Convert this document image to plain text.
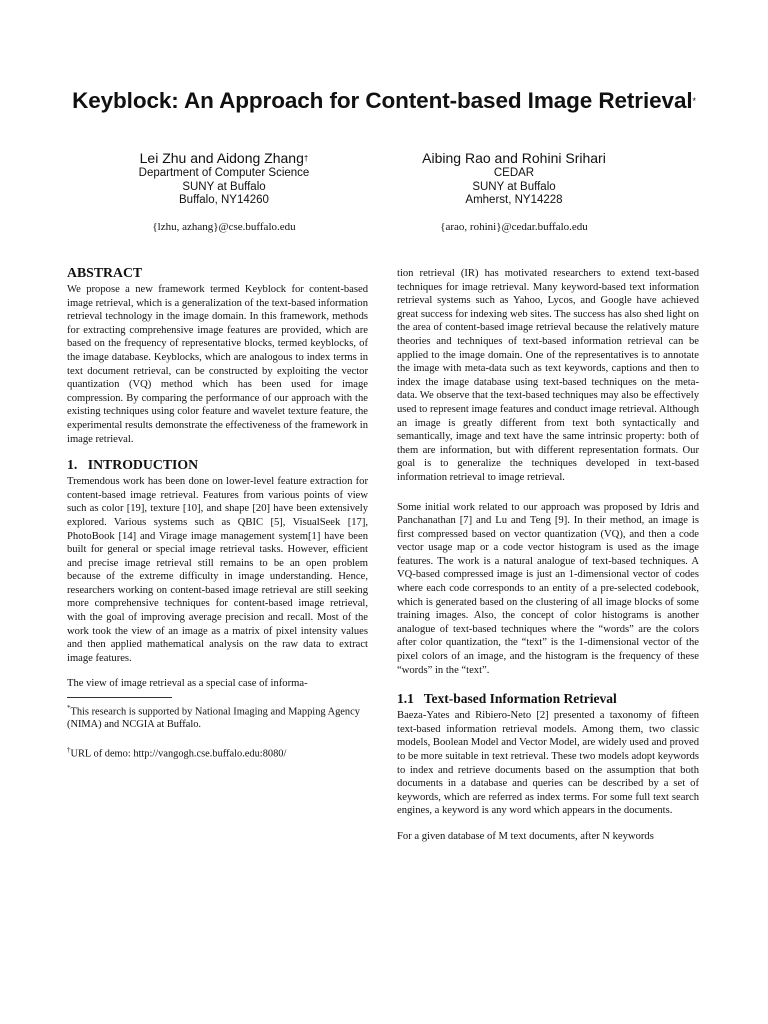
Keyblock: An Approach for Content-based Image Retrieval*
Lei Zhu and Aidong Zhang†
Department of Computer Science
SUNY at Buffalo
Buffalo, NY14260
{lzhu, azhang}@cse.buffalo.edu
Aibing Rao and Rohini Srihari
CEDAR
SUNY at Buffalo
Amherst, NY14228
{arao, rohini}@cedar.buffalo.edu
ABSTRACT

We propose a new framework termed Keyblock for content-based image retrieval, which is a generalization of the text-based information retrieval technology in the image domain. In this framework, methods for extracting comprehensive image features are provided, which are based on the frequency of representative blocks, termed keyblocks, of the image database. Keyblocks, which are analogous to index terms in text document retrieval, can be constructed by exploiting the vector quantization (VQ) method which has been used for image compression. By comparing the performance of our approach with the existing techniques using color feature and wavelet texture feature, the experimental results demonstrate the effectiveness of the framework in image retrieval.

1.   INTRODUCTION

Tremendous work has been done on lower-level feature extraction for content-based image retrieval. Features from various points of view such as color [19], texture [10], and shape [20] have been extensively explored. Various systems such as QBIC [5], VisualSeek [17], PhotoBook [14] and Virage image management system[1] have been built for general or special image retrieval tasks. However, efficient and precise image retrieval still remains to be an open problem because of the extreme difficulty in image understanding. Hence, researchers working on content-based image retrieval are still seeking more comprehensive techniques for content-based image retrieval, with the goal of improving average precision and recall. Most of the work took the view of an image as a matrix of pixel intensity values and then applied mathematical analysis on the raw data to extract image features.

The view of image retrieval as a special case of informa-

*This research is supported by National Imaging and Mapping Agency (NIMA) and NCGIA at Buffalo.

†URL of demo: http://vangogh.cse.buffalo.edu:8080/

tion retrieval (IR) has motivated researchers to extend text-based techniques for image retrieval. Many keyword-based text information retrieval systems such as Yahoo, Lycos, and Google have achieved great success for indexing web sites. The success has also shed light on the area of content-based image retrieval because the relatively mature theories and techniques of text-based information retrieval can be applied to the image domain. One of the representatives is to annotate the image with meta-data such as text keywords, captions and then to index the image database using text-based techniques on the meta-data. We observe that the text-based techniques may also be effectively used to represent image features and conduct image retrieval. Although an image is greatly different from text both syntactically and semantically, image and text have the same intrinsic property: both of them are information, but with different representation formats. Our goal is to generalize the techniques developed in text-based information retrieval to image retrieval.

Some initial work related to our approach was proposed by Idris and Panchanathan [7] and Lu and Teng [9]. In their method, an image is first compressed based on vector quantization (VQ), and then a code vector usage map or a code vector histogram is used as the image features. The work is a natural analogue of text-based techniques. A VQ-based compressed image is just an 1-dimensional vector of codes where each code corresponds to an entity of a pre-selected codebook, which is generated based on the clustering of all image blocks of some training images. Also, the concept of color histograms is another analogue of text-based techniques where the “words” are the colors after color quantization, the “text” is the 1-dimensional vector of the pixel colors of an image, and the histogram is the frequency of these “words” in the “text”.

1.1   Text-based Information Retrieval

Baeza-Yates and Ribiero-Neto [2] presented a taxonomy of fifteen text-based information retrieval models. Among them, two classic models, Boolean Model and Vector Model, are widely used and proved to be more suitable in text retrieval. These two models adopt keywords to index and retrieve documents based on the assumption that both documents in a database and queries can be described by a set of keywords, which are referred as index terms. For some full text search engines, a keyword is any word which appears in the documents.

For a given database of M text documents, after N keywords
